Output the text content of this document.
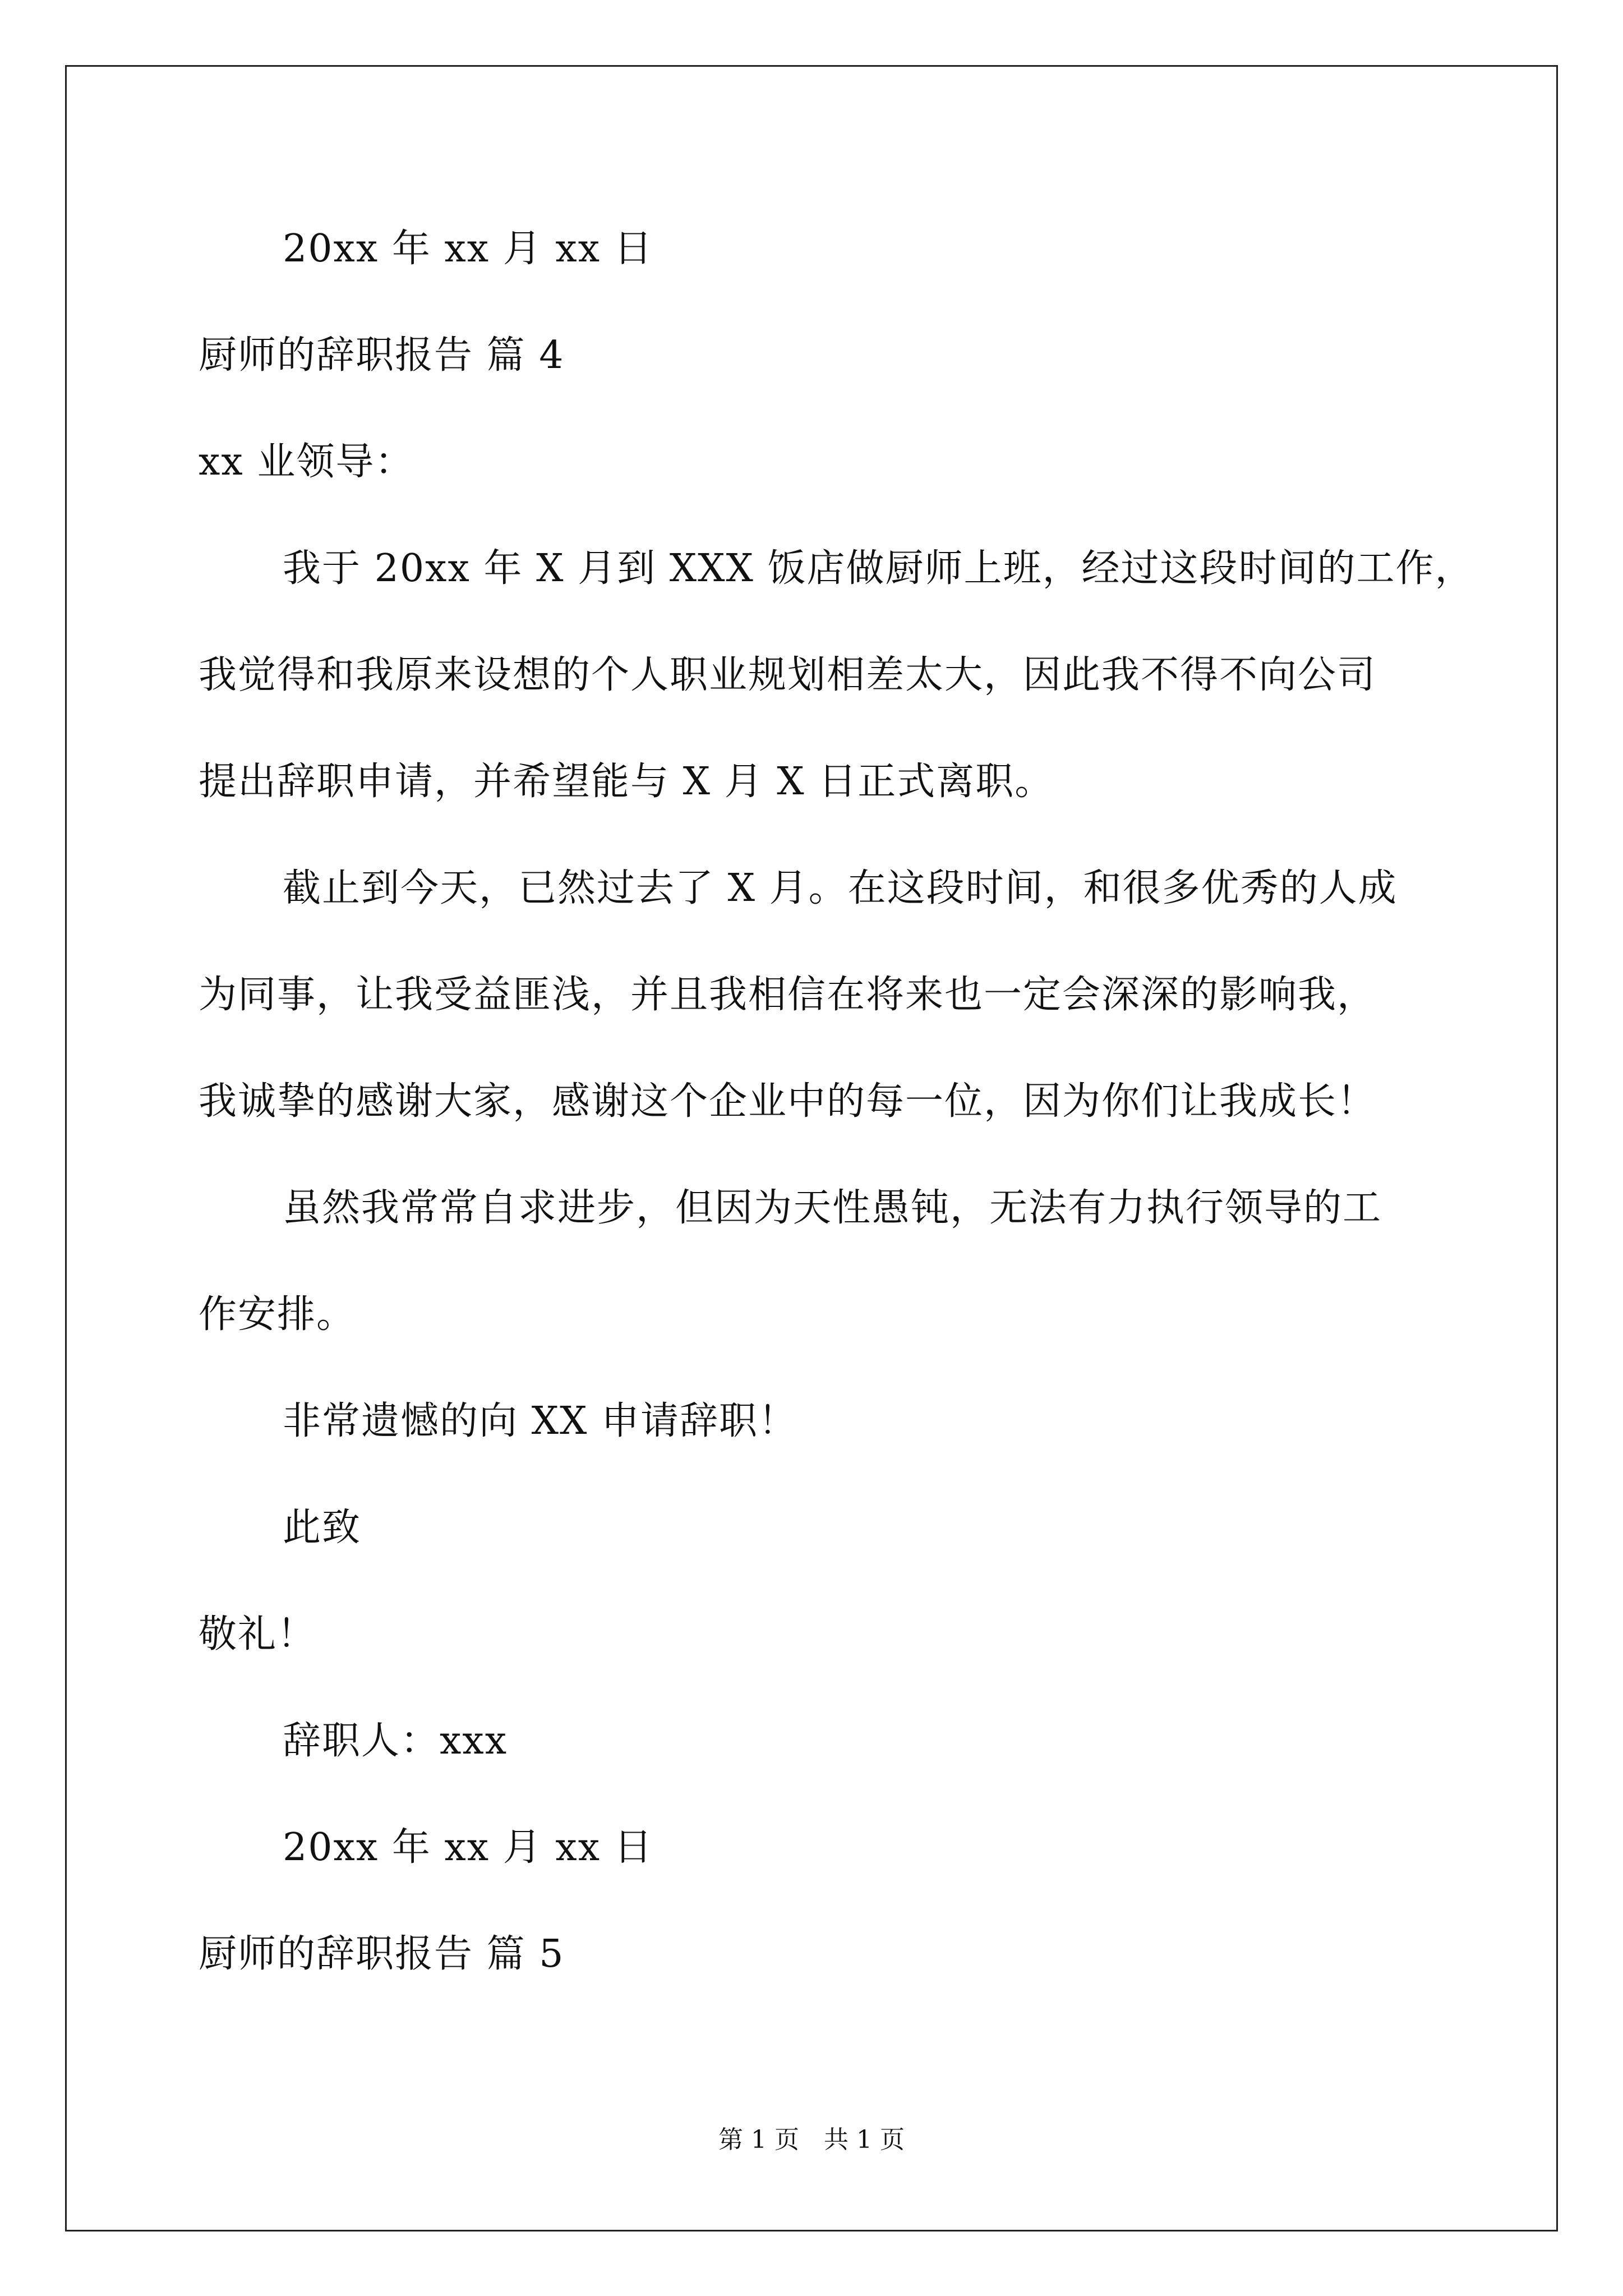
20xx 年 xx 月 xx 日
厨师的辞职报告 篇 4
xx 业领导：
我于 20xx 年 X 月到 XXX 饭店做厨师上班，经过这段时间的工作，
我觉得和我原来设想的个人职业规划相差太大，因此我不得不向公司
提出辞职申请，并希望能与 X 月 X 日正式离职。
截止到今天，已然过去了 X 月。在这段时间，和很多优秀的人成
为同事，让我受益匪浅，并且我相信在将来也一定会深深的影响我，
我诚挚的感谢大家，感谢这个企业中的每一位，因为你们让我成长！
虽然我常常自求进步，但因为天性愚钝，无法有力执行领导的工
作安排。
非常遗憾的向 XX 申请辞职！
此致
敬礼！
辞职人：xxx
20xx 年 xx 月 xx 日
厨师的辞职报告 篇 5
第 1 页　共 1 页
